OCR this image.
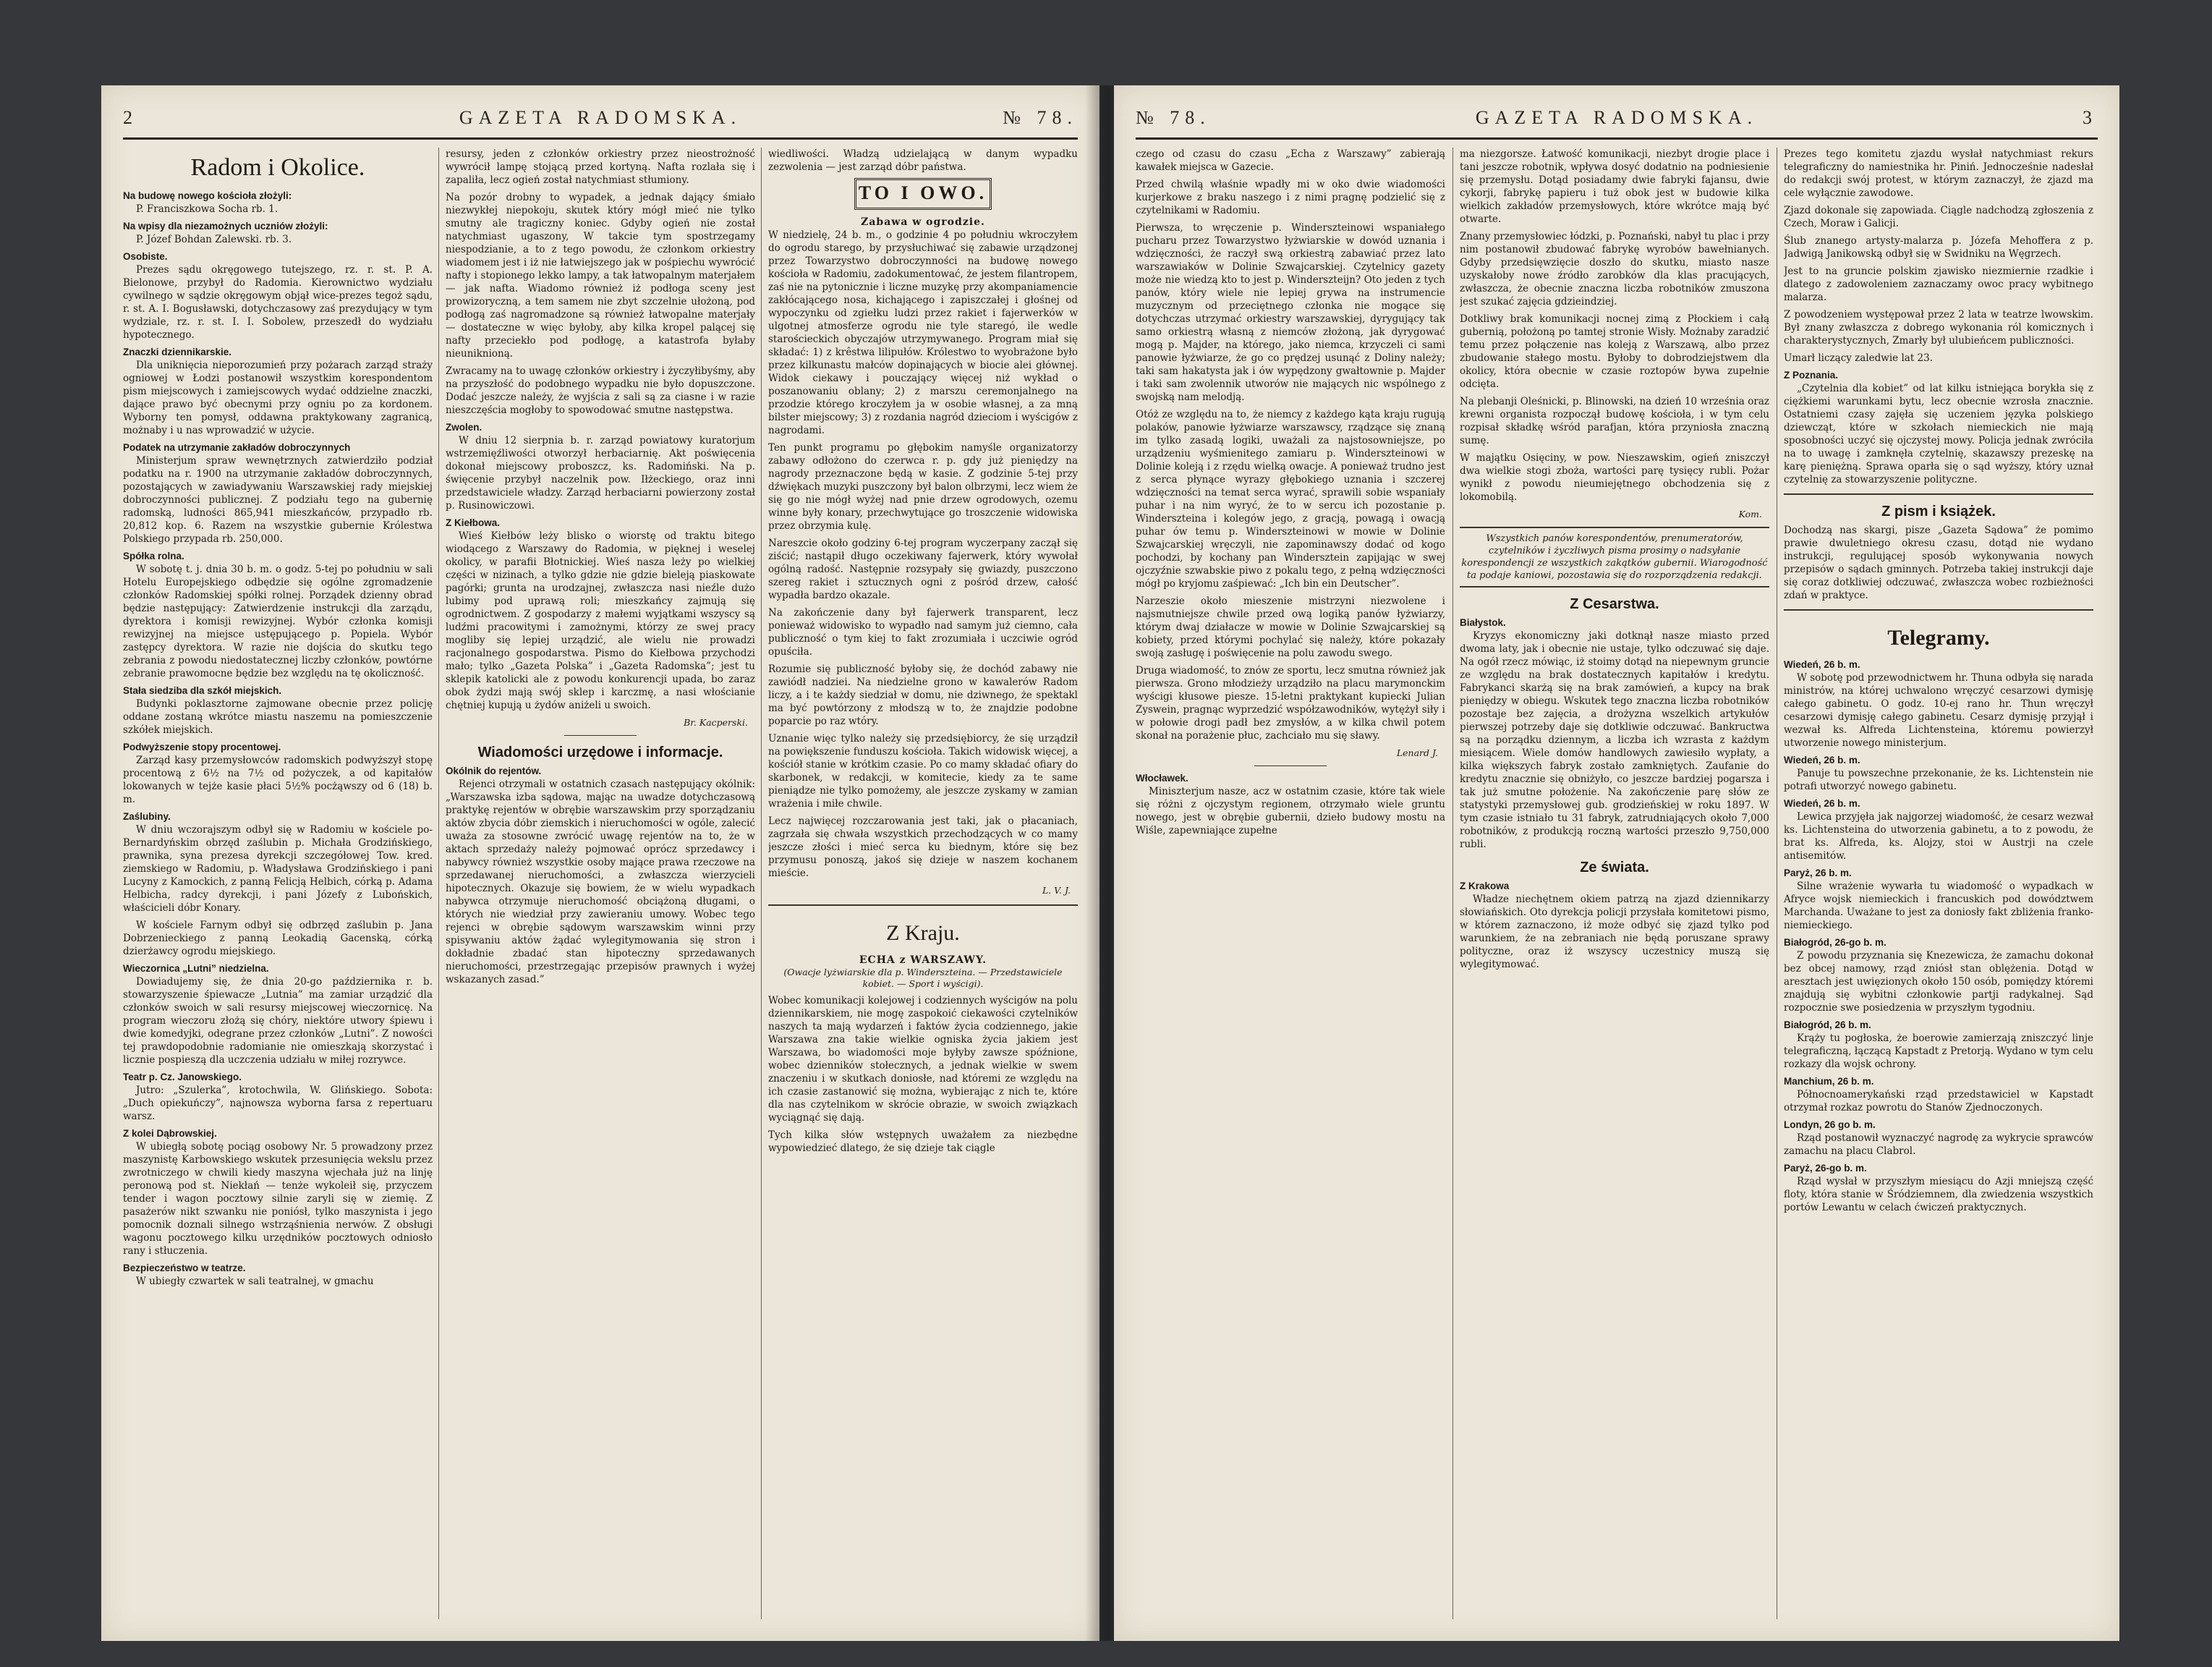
2	GAZETA RADOMSKA.	№ 78.
Radom i Okolice.
Na budowę nowego kościoła złożyli:
P. Franciszkowa Socha rb. 1.
Na wpisy dla niezamożnych uczniów złożyli:
P. Józef Bohdan Zalewski. rb. 3.
Osobiste.
Prezes sądu okręgowego tutejszego, rz. r. st. P. A. Bielonowe, przybył do Radomia. Kierownictwo wydziału cywilnego w sądzie okręgowym objął wice-prezes tegoż sądu, r. st. A. I. Bogusławski, dotychczasowy zaś prezydujący w tym wydziale, rz. r. st. I. I. Sobolew, przeszedł do wydziału hypotecznego.
Znaczki dziennikarskie.
Dla uniknięcia nieporozumień przy pożarach zarząd straży ogniowej w Łodzi postanowił wszystkim korespondentom pism miejscowych i zamiejscowych wydać oddzielne znaczki, dające prawo być obecnymi przy ogniu po za kordonem. Wyborny ten pomysł, oddawna praktykowany zagranicą, możnaby i u nas wprowadzić w użycie.
Podatek na utrzymanie zakładów dobroczynnych
Ministerjum spraw wewnętrznych zatwierdziło podział podatku na r. 1900 na utrzymanie zakładów dobroczynnych, pozostających w zawiadywaniu Warszawskiej rady miejskiej dobroczynności publicznej. Z podziału tego na gubernię radomską, ludności 865,941 mieszkańców, przypadło rb. 20,812 kop. 6. Razem na wszystkie gubernie Królestwa Polskiego przypada rb. 250,000.
Spółka rolna.
W sobotę t. j. dnia 30 b. m. o godz. 5-tej po południu w sali Hotelu Europejskiego odbędzie się ogólne zgromadzenie członków Radomskiej spółki rolnej. Porządek dzienny obrad będzie następujący: Zatwierdzenie instrukcji dla zarządu, dyrektora i komisji rewizyjnej. Wybór członka komisji rewizyjnej na miejsce ustępującego p. Popiela. Wybór zastępcy dyrektora. W razie nie dojścia do skutku tego zebrania z powodu niedostatecznej liczby członków, powtórne zebranie prawomocne będzie bez względu na tę okoliczność.
Stała siedziba dla szkół miejskich.
Budynki poklasztorne zajmowane obecnie przez policję oddane zostaną wkrótce miastu naszemu na pomieszczenie szkółek miejskich.
Podwyższenie stopy procentowej.
Zarząd kasy przemysłowców radomskich podwyższył stopę procentową z 6½ na 7½ od pożyczek, a od kapitałów lokowanych w tejże kasie płaci 5½% pocżąwszy od 6 (18) b. m.
Zaślubiny.
W dniu wczorajszym odbył się w Radomiu w kościele po-Bernardyńskim obrzęd zaślubin p. Michała Grodzińskiego, prawnika, syna prezesa dyrekcji szczegółowej Tow. kred. ziemskiego w Radomiu, p. Władysława Grodzińskiego i pani Lucyny z Kamockich, z panną Felicją Helbich, córką p. Adama Helbicha, radcy dyrekcji, i pani Józefy z Lubońskich, właścicieli dóbr Konary.
W kościele Farnym odbył się odbrzęd zaślubin p. Jana Dobrzenieckiego z panną Leokadią Gacenską, córką dzierżawcy ogrodu miejskiego.
Wieczornica „Lutni” niedzielna.
Dowiadujemy się, że dnia 20-go października r. b. stowarzyszenie śpiewacze „Lutnia” ma zamiar urządzić dla członków swoich w sali resursy miejscowej wieczornicę. Na program wieczoru złożą się chóry, niektóre utwory śpiewu i dwie komedyjki, odegrane przez członków „Lutni”. Z nowości tej prawdopodobnie radomianie nie omieszkają skorzystać i licznie pospieszą dla uczczenia udziału w miłej rozrywce.
Teatr p. Cz. Janowskiego.
Jutro: „Szulerka”, krotochwila, W. Glińskiego. Sobota: „Duch opiekuńczy”, najnowsza wyborna farsa z repertuaru warsz.
Z kolei Dąbrowskiej.
W ubiegłą sobotę pociąg osobowy Nr. 5 prowadzony przez maszynistę Karbowskiego wskutek przesunięcia wekslu przez zwrotniczego w chwili kiedy maszyna wjechała już na linję peronową pod st. Niekłań — tenże wykoleił się, przyczem tender i wagon pocztowy silnie zaryli się w ziemię. Z pasażerów nikt szwanku nie poniósł, tylko maszynista i jego pomocnik doznali silnego wstrząśnienia nerwów. Z obsługi wagonu pocztowego kilku urzędników pocztowych odniosło rany i stłuczenia.
Bezpieczeństwo w teatrze.
W ubiegły czwartek w sali teatralnej, w gmachu
resursy, jeden z członków orkiestry przez nieostrożność wywrócił lampę stojącą przed kortyną. Nafta rozlała się i zapaliła, lecz ogień został natychmiast stłumiony.
Na pozór drobny to wypadek, a jednak dający śmiało niezwykłej niepokoju, skutek który mógł mieć nie tylko smutny ale tragiczny koniec. Gdyby ogień nie został natychmiast ugaszony, W takcie tym spostrzegamy niespodzianie, a to z tego powodu, że członkom orkiestry wiadomem jest i iż nie łatwiejszego jak w pośpiechu wywrócić nafty i stopionego lekko lampy, a tak łatwopalnym materjałem — jak nafta. Wiadomo również iż podłoga sceny jest prowizoryczną, a tem samem nie zbyt szczelnie ułożoną, pod podłogą zaś nagromadzone są również łatwopalne materjały — dostateczne w więc byłoby, aby kilka kropel palącej się nafty przeciekło pod podłogę, a katastrofa byłaby nieuniknioną.
Zwracamy na to uwagę członków orkiestry i życzyłibyśmy, aby na przyszłość do podobnego wypadku nie było dopuszczone. Dodać jeszcze należy, że wyjścia z sali są za ciasne i w razie nieszczęścia mogłoby to spowodować smutne następstwa.
Zwolen.
W dniu 12 sierpnia b. r. zarząd powiatowy kuratorjum wstrzemięźliwości otworzył herbaciarnię. Akt poświęcenia dokonał miejscowy proboszcz, ks. Radomiński. Na p. święcenie przybył naczelnik pow. Iłżeckiego, oraz inni przedstawiciele władzy. Zarząd herbaciarni powierzony został p. Rusinowiczowi.
Z Kiełbowa.
Wieś Kiełbów leży blisko o wiorstę od traktu bitego wiodącego z Warszawy do Radomia, w pięknej i weselej okolicy, w parafii Błotnickiej. Wieś nasza leży po wielkiej części w nizinach, a tylko gdzie nie gdzie bieleją piaskowate pagórki; grunta na urodzajnej, zwłaszcza nasi nieźle dużo lubimy pod uprawą roli; mieszkańcy zajmują się ogrodnictwem. Z gospodarzy z małemi wyjątkami wszyscy są ludźmi pracowitymi i zamożnymi, którzy ze swej pracy mogliby się lepiej urządzić, ale wielu nie prowadzi racjonalnego gospodarstwa. Pismo do Kiełbowa przychodzi mało; tylko „Gazeta Polska” i „Gazeta Radomska”; jest tu sklepik katolicki ale z powodu konkurencji upada, bo zaraz obok żydzi mają swój sklep i karczmę, a nasi włościanie chętniej kupują u żydów aniżeli u swoich.
Br. Kacperski.
Wiadomości urzędowe i informacje.
Okólnik do rejentów.
Rejenci otrzymali w ostatnich czasach następujący okólnik: „Warszawska izba sądowa, mając na uwadze dotychczasową praktykę rejentów w obrębie warszawskim przy sporządzaniu aktów zbycia dóbr ziemskich i nieruchomości w ogóle, zalecić uważa za stosowne zwrócić uwagę rejentów na to, że w aktach sprzedaży należy pojmować oprócz sprzedawcy i nabywcy również wszystkie osoby mające prawa rzeczowe na sprzedawanej nieruchomości, a zwłaszcza wierzycieli hipotecznych. Okazuje się bowiem, że w wielu wypadkach nabywca otrzymuje nieruchomość obciążoną długami, o których nie wiedział przy zawieraniu umowy. Wobec tego rejenci w obrębie sądowym warszawskim winni przy spisywaniu aktów żądać wylegitymowania się stron i dokładnie zbadać stan hipoteczny sprzedawanych nieruchomości, przestrzegając przepisów prawnych i wyżej wskazanych zasad.”
wiedliwości. Władzą udzielającą w danym wypadku zezwolenia — jest zarząd dóbr państwa.
TO I OWO.
Zabawa w ogrodzie.
W niedzielę, 24 b. m., o godzinie 4 po południu wkroczyłem do ogrodu starego, by przysłuchiwać się zabawie urządzonej przez Towarzystwo dobroczynności na budowę nowego kościoła w Radomiu, zadokumentować, że jestem filantropem, zaś nie na pytonicznie i liczne muzykę przy akompaniamencie zakłócającego nosa, kichającego i zapiszczałej i głośnej od wypoczynku od zgiełku ludzi przez rakiet i fajerwerków w ulgotnej atmosferze ogrodu nie tyle staregó, ile wedle starościeckich obyczajów utrzymywanego. Program miał się składać: 1) z krêstwa lilipułów. Królestwo to wyobrażone było przez kilkunastu małców dopinających w biocie alei głównej. Widok ciekawy i pouczający więcej niż wykład o poszanowaniu oblany; 2) z marszu ceremonjalnego na przodzie którego kroczyłem ja w osobie własnej, a za mną bilster miejscowy; 3) z rozdania nagród dzieciom i wyścigów z nagrodami.
Ten punkt programu po głębokim namyśle organizatorzy zabawy odłożono do czerwca r. p. gdy już pieniędzy na nagrody przeznaczone będą w kasie. Z godzinie 5-tej przy dźwiękach muzyki puszczony był balon olbrzymi, lecz wiem że się go nie mógł wyżej nad pnie drzew ogrodowych, ozemu winne były konary, przechwytujące go troszczenie widowiska przez obrzymia kulę.
Nareszcie około godziny 6-tej program wyczerpany zaczął się ziścić; nastąpił długo oczekiwany fajerwerk, który wywołał ogólną radość. Następnie rozsypały się gwiazdy, puszczono szereg rakiet i sztucznych ogni z pośród drzew, całość wypadła bardzo okazale.
Na zakończenie dany był fajerwerk transparent, lecz ponieważ widowisko to wypadło nad samym już ciemno, cała publiczność o tym kiej to fakt zrozumiała i uczciwie ogród opuściła.
Rozumie się publiczność byłoby się, że dochód zabawy nie zawiódł nadziei. Na niedzielne grono w kawalerów Radom liczy, a i te każdy siedział w domu, nie dziwnego, że spektakl ma być powtórzony z młodszą w to, że znajdzie podobne poparcie po raz wtóry.
Uznanie więc tylko należy się przedsiębiorcy, że się urządził na powiększenie funduszu kościoła. Takich widowisk więcej, a kościół stanie w krótkim czasie. Po co mamy składać ofiary do skarbonek, w redakcji, w komitecie, kiedy za te same pieniądze nie tylko pomożemy, ale jeszcze zyskamy w zamian wrażenia i miłe chwile.
Lecz najwięcej rozczarowania jest taki, jak o płacaniach, zagrzała się chwała wszystkich przechodzących w co mamy jeszcze złości i mieć serca ku biednym, które się bez przymusu ponoszą, jakoś się dzieje w naszem kochanem mieście.
L. V. J.
Z Kraju.
ECHA z WARSZAWY.
(Owacje lyżwiarskie dla p. Winderszteina. — Przedstawiciele kobiet. — Sport i wyścigi).
Wobec komunikacji kolejowej i codziennych wyścigów na polu dziennikarskiem, nie mogę zaspokoić ciekawości czytelników naszych ta mają wydarzeń i faktów życia codziennego, jakie Warszawa zna takie wielkie ogniska życia jakiem jest Warszawa, bo wiadomości moje byłyby zawsze spóźnione, wobec dzienników stołecznych, a jednak wielkie w swem znaczeniu i w skutkach doniosłe, nad któremi ze względu na ich czasie zastanowić się można, wybierając z nich te, które dla nas czytelnikom w skrócie obrazie, w swoich związkach wyciągnąć się dają.
Tych kilka słów wstępnych uważałem za niezbędne wypowiedzieć dlatego, że się dzieje tak ciągle
№ 78.	GAZETA RADOMSKA.	3
czego od czasu do czasu „Echa z Warszawy” zabierają kawałek miejsca w Gazecie.
Przed chwilą właśnie wpadły mi w oko dwie wiadomości kurjerkowe z braku naszego i z nimi pragnę podzielić się z czytelnikami w Radomiu.
Pierwsza, to wręczenie p. Winderszteinowi wspaniałego pucharu przez Towarzystwo łyżwiarskie w dowód uznania i wdzięczności, że raczył swą orkiestrą zabawiać przez lato warszawiaków w Dolinie Szwajcarskiej. Czytelnicy gazety może nie wiedzą kto to jest p. Winderszteijn? Oto jeden z tych panów, który wiele nie lepiej grywa na instrumencie muzycznym od przeciętnego członka nie mogące się dotychczas utrzymać orkiestry warszawskiej, dyrygujący tak samo orkiestrą własną z niemców złożoną, jak dyrygować mogą p. Majder, na którego, jako niemca, krzyczeli ci sami panowie łyżwiarze, że go co prędzej usunąć z Doliny należy; taki sam hakatysta jak i ów wypędzony gwałtownie p. Majder i taki sam zwolennik utworów nie mających nic wspólnego z swojską nam melodją.
Otóż ze względu na to, że niemcy z każdego kąta kraju rugują polaków, panowie łyżwiarze warszawscy, rządzące się znaną im tylko zasadą logiki, uważali za najstosowniejsze, po urządzeniu wyśmienitego zamiaru p. Winderszteinowi w Dolinie koleją i z rzędu wielką owacje. A ponieważ trudno jest z serca płynące wyrazy głębokiego uznania i szczerej wdzięczności na temat serca wyrać, sprawili sobie wspaniały puhar i na nim wyryć, że to w sercu ich pozostanie p. Winderszteina i kolegów jego, z gracją, powagą i owacją puhar ów temu p. Winderszteinowi w mowie w Dolinie Szwajcarskiej wręczyli, nie zapominawszy dodać od kogo pochodzi, by kochany pan Windersztein zapijając w swej ojczyźnie szwabskie piwo z pokalu tego, z pełną wdzięczności mógł po kryjomu zaśpiewać: „Ich bin ein Deutscher”.
Narzeszie około mieszenie mistrzyni niezwolene i najsmutniejsze chwile przed ową logiką panów łyżwiarzy, którym dwaj działacze w mowie w Dolinie Szwajcarskiej są kobiety, przed którymi pochylać się należy, które pokazały swoją zasługę i poświęcenie na polu zawodu swego.
Druga wiadomość, to znów ze sportu, lecz smutna również jak pierwsza. Grono młodzieży urządziło na placu marymonckim wyścigi kłusowe piesze. 15-letni praktykant kupiecki Julian Zyswein, pragnąc wyprzedzić współzawodników, wytężył siły i w połowie drogi padł bez zmysłów, a w kilka chwil potem skonał na porażenie płuc, zachciało mu się sławy.
Lenard J.
Włocławek.
Miniszterjum nasze, acz w ostatnim czasie, które tak wiele się różni z ojczystym regionem, otrzymało wiele gruntu nowego, jest w obrębie gubernii, dzieło budowy mostu na Wiśle, zapewniające zupełne
ma niezgorsze. Łatwość komunikacji, niezbyt drogie place i tani jeszcze robotnik, wpływa dosyć dodatnio na podniesienie się przemysłu. Dotąd posiadamy dwie fabryki fajansu, dwie cykorji, fabrykę papieru i tuż obok jest w budowie kilka wielkich zakładów przemysłowych, które wkrótce mają być otwarte.
Znany przemysłowiec łódzki, p. Poznański, nabył tu plac i przy nim postanowił zbudować fabrykę wyrobów bawełnianych. Gdyby przedsięwzięcie doszło do skutku, miasto nasze uzyskałoby nowe źródło zarobków dla klas pracujących, zwłaszcza, że obecnie znaczna liczba robotników zmuszona jest szukać zajęcia gdzieindziej.
Dotkliwy brak komunikacji nocnej zimą z Płockiem i całą gubernią, położoną po tamtej stronie Wisły. Możnaby zaradzić temu przez połączenie nas koleją z Warszawą, albo przez zbudowanie stałego mostu. Byłoby to dobrodziejstwem dla okolicy, która obecnie w czasie roztopów bywa zupełnie odcięta.
Na plebanji Oleśnicki, p. Blinowski, na dzień 10 września oraz krewni organista rozpoczął budowę kościoła, i w tym celu rozpisał składkę wśród parafjan, która przyniosła znaczną sumę.
W majątku Osięciny, w pow. Nieszawskim, ogień zniszczył dwa wielkie stogi zboża, wartości parę tysięcy rubli. Pożar wynikł z powodu nieumiejętnego obchodzenia się z lokomobilą.
Kom.
Wszystkich panów korespondentów, prenumeratorów, czytelników i życzliwych pisma prosimy o nadsyłanie korespondencji ze wszystkich zakątków gubernii. Wiarogodność ta podaje kaniowi, pozostawia się do rozporządzenia redakcji.
Z Cesarstwa.
Białystok.
Kryzys ekonomiczny jaki dotknął nasze miasto przed dwoma laty, jak i obecnie nie ustaje, tylko odczuwać się daje. Na ogół rzecz mówiąc, iż stoimy dotąd na niepewnym gruncie ze względu na brak dostatecznych kapitałów i kredytu. Fabrykanci skarżą się na brak zamówień, a kupcy na brak pieniędzy w obiegu. Wskutek tego znaczna liczba robotników pozostaje bez zajęcia, a drożyzna wszelkich artykułów pierwszej potrzeby daje się dotkliwie odczuwać. Bankructwa są na porządku dziennym, a liczba ich wzrasta z każdym miesiącem. Wiele domów handlowych zawiesiło wypłaty, a kilka większych fabryk zostało zamkniętych. Zaufanie do kredytu znacznie się obniżyło, co jeszcze bardziej pogarsza i tak już smutne położenie. Na zakończenie parę słów ze statystyki przemysłowej gub. grodzieńskiej w roku 1897. W tym czasie istniało tu 31 fabryk, zatrudniających około 7,000 robotników, z produkcją roczną wartości przeszło 9,750,000 rubli.
Ze świata.
Z Krakowa
Władze niechętnem okiem patrzą na zjazd dziennikarzy słowiańskich. Oto dyrekcja policji przysłała komitetowi pismo, w którem zaznaczono, iż może odbyć się zjazd tylko pod warunkiem, że na zebraniach nie będą poruszane sprawy polityczne, oraz iż wszyscy uczestnicy muszą się wylegitymować.
Prezes tego komitetu zjazdu wysłał natychmiast rekurs telegraficzny do namiestnika hr. Piniń. Jednocześnie nadesłał do redakcji swój protest, w którym zaznaczył, że zjazd ma cele wyłącznie zawodowe.
Zjazd dokonale się zapowiada. Ciągle nadchodzą zgłoszenia z Czech, Moraw i Galicji.
Ślub znanego artysty-malarza p. Józefa Mehoffera z p. Jadwigą Janikowską odbył się w Swidniku na Węgrzech.
Jest to na gruncie polskim zjawisko niezmiernie rzadkie i dlatego z zadowoleniem zaznaczamy owoc pracy wybitnego malarza.
Z powodzeniem występował przez 2 lata w teatrze lwowskim. Był znany zwłaszcza z dobrego wykonania ról komicznych i charakterystycznych, Zmarły był ulubieńcem publiczności.
Umarł liczący zaledwie lat 23.
Z Poznania.
„Czytelnia dla kobiet” od lat kilku istniejąca borykła się z ciężkiemi warunkami bytu, lecz obecnie wzrosła znacznie. Ostatniemi czasy zajęła się uczeniem języka polskiego dziewcząt, które w szkołach niemieckich nie mają sposobności uczyć się ojczystej mowy. Policja jednak zwróciła na to uwagę i zamknęła czytelnię, skazawszy prezeskę na karę pieniężną. Sprawa oparła się o sąd wyższy, który uznał czytelnię za stowarzyszenie polityczne.
Z pism i książek.
Dochodzą nas skargi, pisze „Gazeta Sądowa” że pomimo prawie dwuletniego okresu czasu, dotąd nie wydano instrukcji, regulującej sposób wykonywania nowych przepisów o sądach gminnych. Potrzeba takiej instrukcji daje się coraz dotkliwiej odczuwać, zwłaszcza wobec rozbieżności zdań w praktyce.
Telegramy.
Wiedeń, 26 b. m.
W sobotę pod przewodnictwem hr. Thuna odbyła się narada ministrów, na której uchwalono wręczyć cesarzowi dymisję całego gabinetu. O godz. 10-ej rano hr. Thun wręczył cesarzowi dymisję całego gabinetu. Cesarz dymisję przyjął i wezwał ks. Alfreda Lichtensteina, któremu powierzył utworzenie nowego ministerjum.
Wiedeń, 26 b. m.
Panuje tu powszechne przekonanie, że ks. Lichtenstein nie potrafi utworzyć nowego gabinetu.
Wiedeń, 26 b. m.
Lewica przyjęła jak najgorzej wiadomość, że cesarz wezwał ks. Lichtensteina do utworzenia gabinetu, a to z powodu, że brat ks. Alfreda, ks. Alojzy, stoi w Austrji na czele antisemitów.
Paryż, 26 b. m.
Silne wrażenie wywarła tu wiadomość o wypadkach w Afryce wojsk niemieckich i francuskich pod dowództwem Marchanda. Uważane to jest za doniosły fakt zbliżenia franko-niemieckiego.
Białogród, 26-go b. m.
Z powodu przyznania się Knezewicza, że zamachu dokonał bez obcej namowy, rząd zniósł stan oblężenia. Dotąd w aresztach jest uwięzionych około 150 osób, pomiędzy któremi znajdują się wybitni członkowie partji radykalnej. Sąd rozpocznie swe posiedzenia w przyszłym tygodniu.
Białogród, 26 b. m.
Krąży tu pogłoska, że boerowie zamierzają zniszczyć linje telegraficzną, łączącą Kapstadt z Pretorją. Wydano w tym celu rozkazy dla wojsk ochrony.
Manchium, 26 b. m.
Północnoamerykański rząd przedstawiciel w Kapstadt otrzymał rozkaz powrotu do Stanów Zjednoczonych.
Londyn, 26 go b. m.
Rząd postanowił wyznaczyć nagrodę za wykrycie sprawców zamachu na placu Clabrol.
Paryż, 26-go b. m.
Rząd wysłał w przyszłym miesiącu do Azji mniejszą część floty, która stanie w Śródziemnem, dla zwiedzenia wszystkich portów Lewantu w celach ćwiczeń praktycznych.
